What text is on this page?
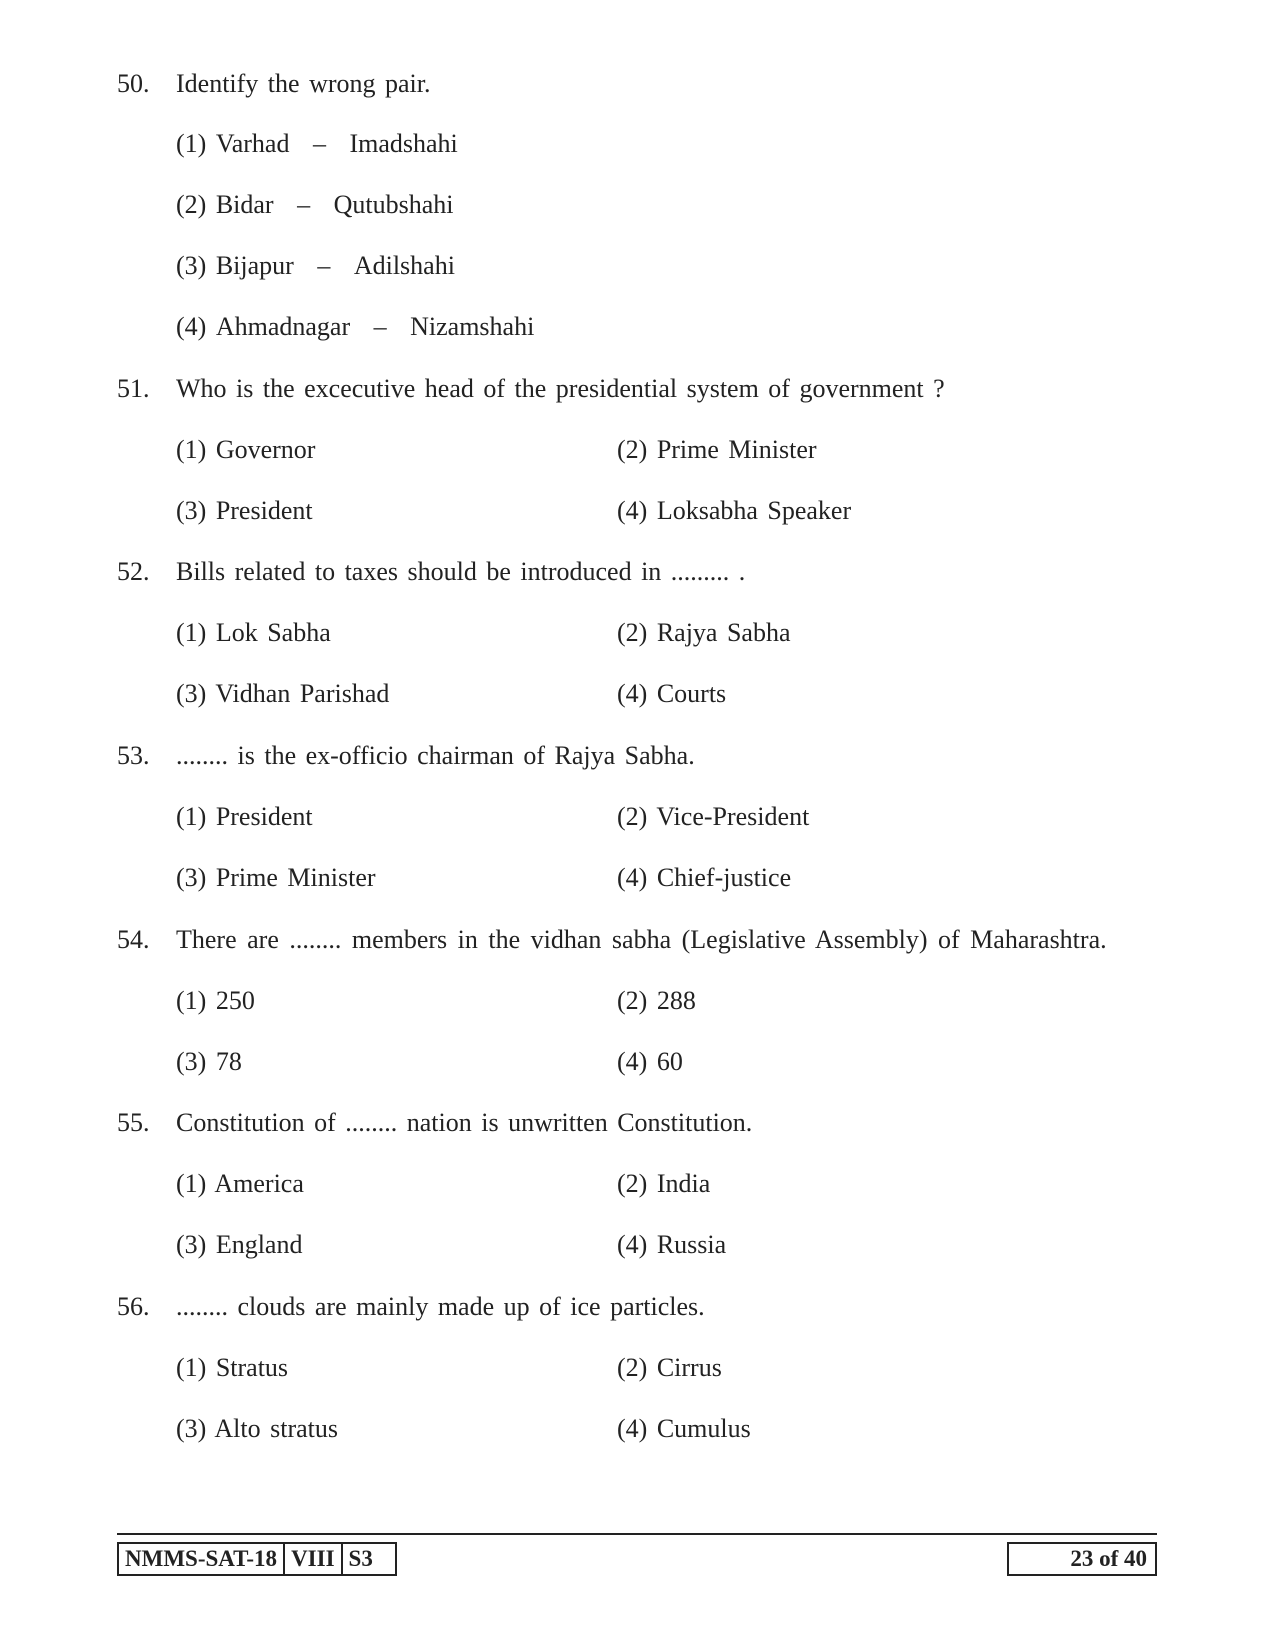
50. Identify the wrong pair.
(1) Varhad – Imadshahi
(2) Bidar – Qutubshahi
(3) Bijapur – Adilshahi
(4) Ahmadnagar – Nizamshahi
51. Who is the excecutive head of the presidential system of government ?
(1) Governor	(2) Prime Minister
(3) President	(4) Loksabha Speaker
52. Bills related to taxes should be introduced in ......... .
(1) Lok Sabha	(2) Rajya Sabha
(3) Vidhan Parishad	(4) Courts
53. ........ is the ex-officio chairman of Rajya Sabha.
(1) President	(2) Vice-President
(3) Prime Minister	(4) Chief-justice
54. There are ........ members in the vidhan sabha (Legislative Assembly) of Maharashtra.
(1) 250	(2) 288
(3) 78	(4) 60
55. Constitution of ........ nation is unwritten Constitution.
(1) America	(2) India
(3) England	(4) Russia
56. ........ clouds are mainly made up of ice particles.
(1) Stratus	(2) Cirrus
(3) Alto stratus	(4) Cumulus
NMMS-SAT-18 VIII S3	23 of 40
